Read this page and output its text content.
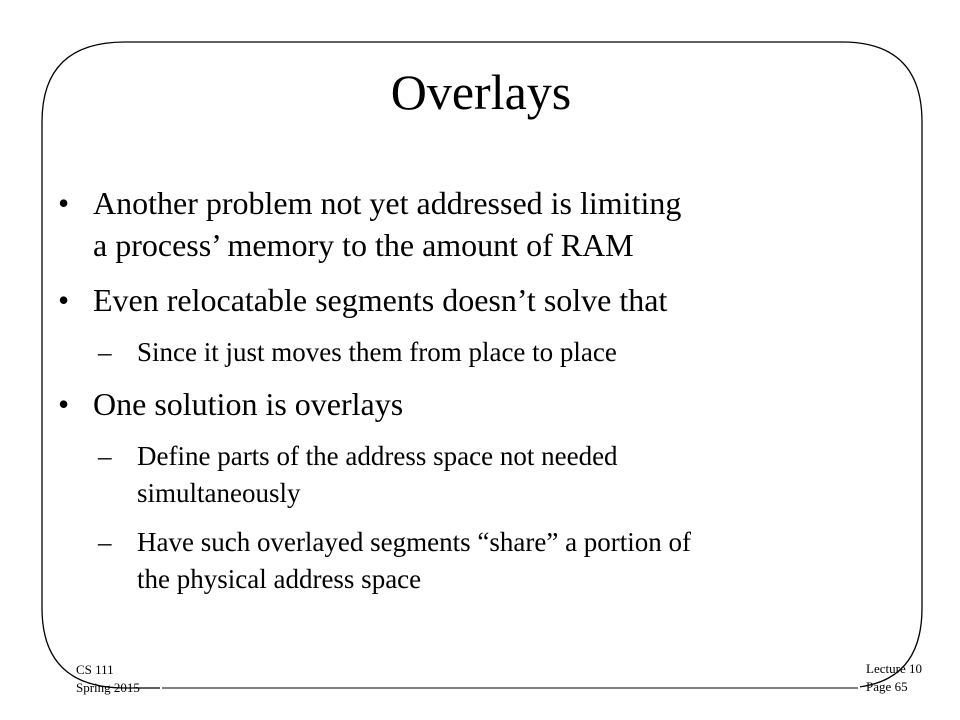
Overlays
• Another problem not yet addressed is limiting
a process’ memory to the amount of RAM
• Even relocatable segments doesn’t solve that
– Since it just moves them from place to place
• One solution is overlays
– Define parts of the address space not needed
simultaneously
– Have such overlayed segments “share” a portion of
the physical address space
CS 111
Spring 2015
Lecture 10
Page 65
